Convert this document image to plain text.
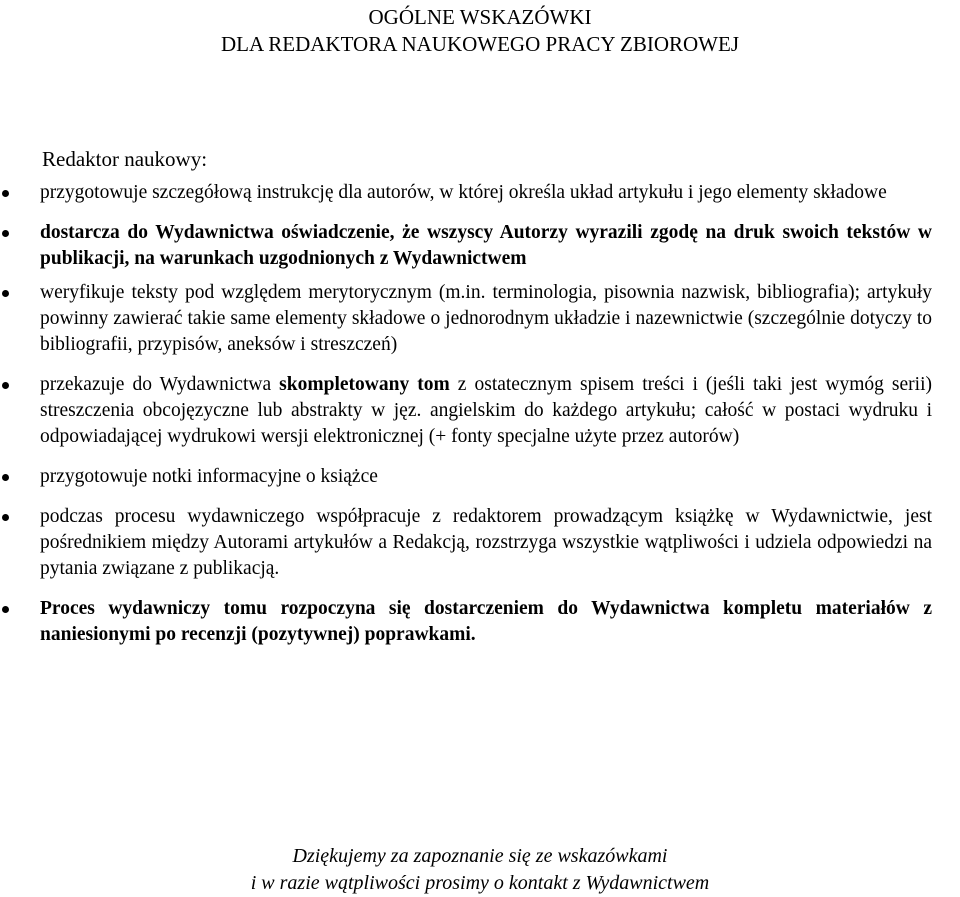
OGÓLNE WSKAZÓWKI
DLA REDAKTORA NAUKOWEGO PRACY ZBIOROWEJ
Redaktor naukowy:
przygotowuje szczegółową instrukcję dla autorów, w której określa układ artykułu i jego elementy składowe
dostarcza do Wydawnictwa oświadczenie, że wszyscy Autorzy wyrazili zgodę na druk swoich tekstów w publikacji, na warunkach uzgodnionych z Wydawnictwem
weryfikuje teksty pod względem merytorycznym (m.in. terminologia, pisownia nazwisk, bibliografia); artykuły powinny zawierać takie same elementy składowe o jednorodnym układzie i nazewnictwie (szczególnie dotyczy to bibliografii, przypisów, aneksów i streszczeń)
przekazuje do Wydawnictwa skompletowany tom z ostatecznym spisem treści i (jeśli taki jest wymóg serii) streszczenia obcojęzyczne lub abstrakty w jęz. angielskim do każdego artykułu; całość w postaci wydruku i odpowiadającej wydrukowi wersji elektronicznej (+ fonty specjalne użyte przez autorów)
przygotowuje notki informacyjne o książce
podczas procesu wydawniczego współpracuje z redaktorem prowadzącym książkę w Wydawnictwie, jest pośrednikiem między Autorami artykułów a Redakcją, rozstrzyga wszystkie wątpliwości i udziela odpowiedzi na pytania związane z publikacją.
Proces wydawniczy tomu rozpoczyna się dostarczeniem do Wydawnictwa kompletu materiałów z naniesionymi po recenzji (pozytywnej) poprawkami.
Dziękujemy za zapoznanie się ze wskazówkami
i w razie wątpliwości prosimy o kontakt z Wydawnictwem
